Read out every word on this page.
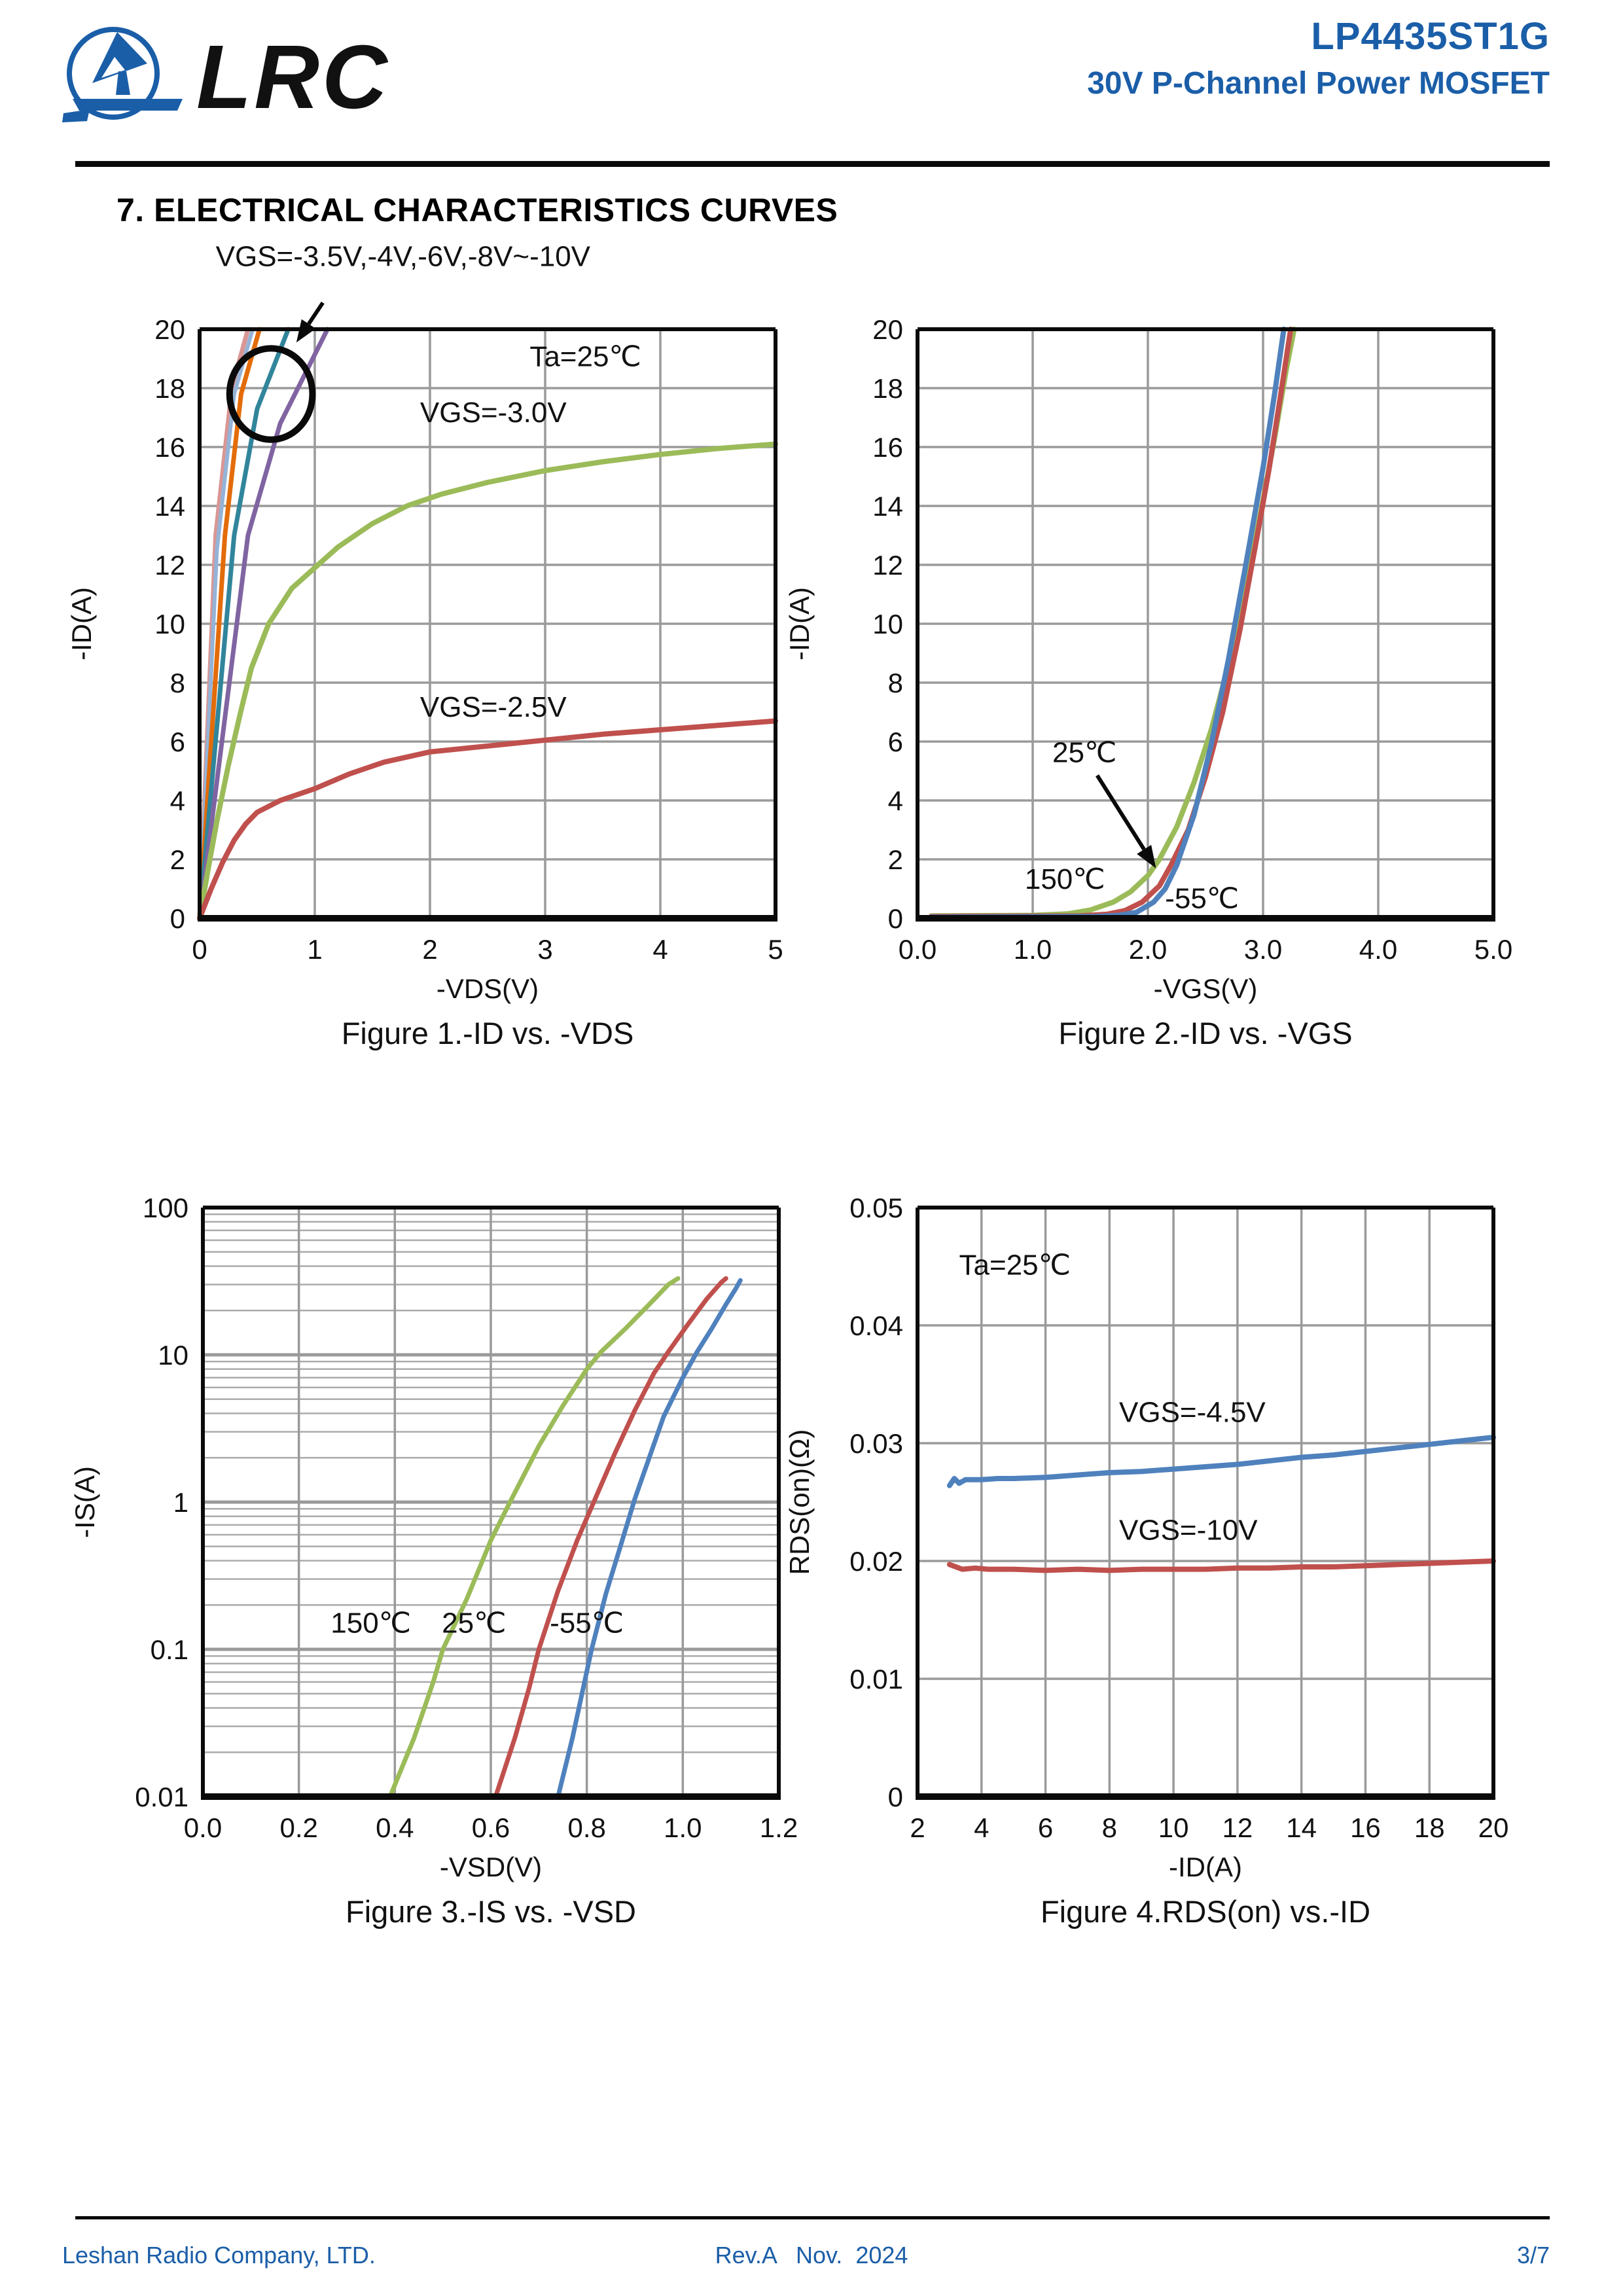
LRC	LP4435ST1G
30V P-Channel Power MOSFET
7. ELECTRICAL CHARACTERISTICS CURVES
0	1	2	3	4	5
0
2
4
6
8
10
12
14
16
18
20
-VDS(V)
-ID(A)
Figure 1.-ID vs. -VDS
VGS=-3.5V,-4V,-6V,-8V~-10V
Ta=25℃
VGS=-3.0V
VGS=-2.5V
0.0	1.0	2.0	3.0	4.0	5.0
0
2
4
6
8
10
12
14
16
18
20
-VGS(V)
-ID(A)
Figure 2.-ID vs. -VGS
25℃
150℃
-55℃
0.0 0.2 0.4 0.6 0.8 1.0 1.2
0.01
0.1
1
10
100
-VSD(V)
-IS(A)
Figure 3.-IS vs. -VSD
150℃ 25℃ -55℃
2 4 6 8 10 12 14 16 18 20
0
0.01
0.02
0.03
0.04
0.05
-ID(A)
RDS(on)(Ω)
Figure 4.RDS(on) vs.-ID
Ta=25℃
VGS=-4.5V
VGS=-10V
Leshan Radio Company, LTD.	Rev.A   Nov.  2024	3/7
